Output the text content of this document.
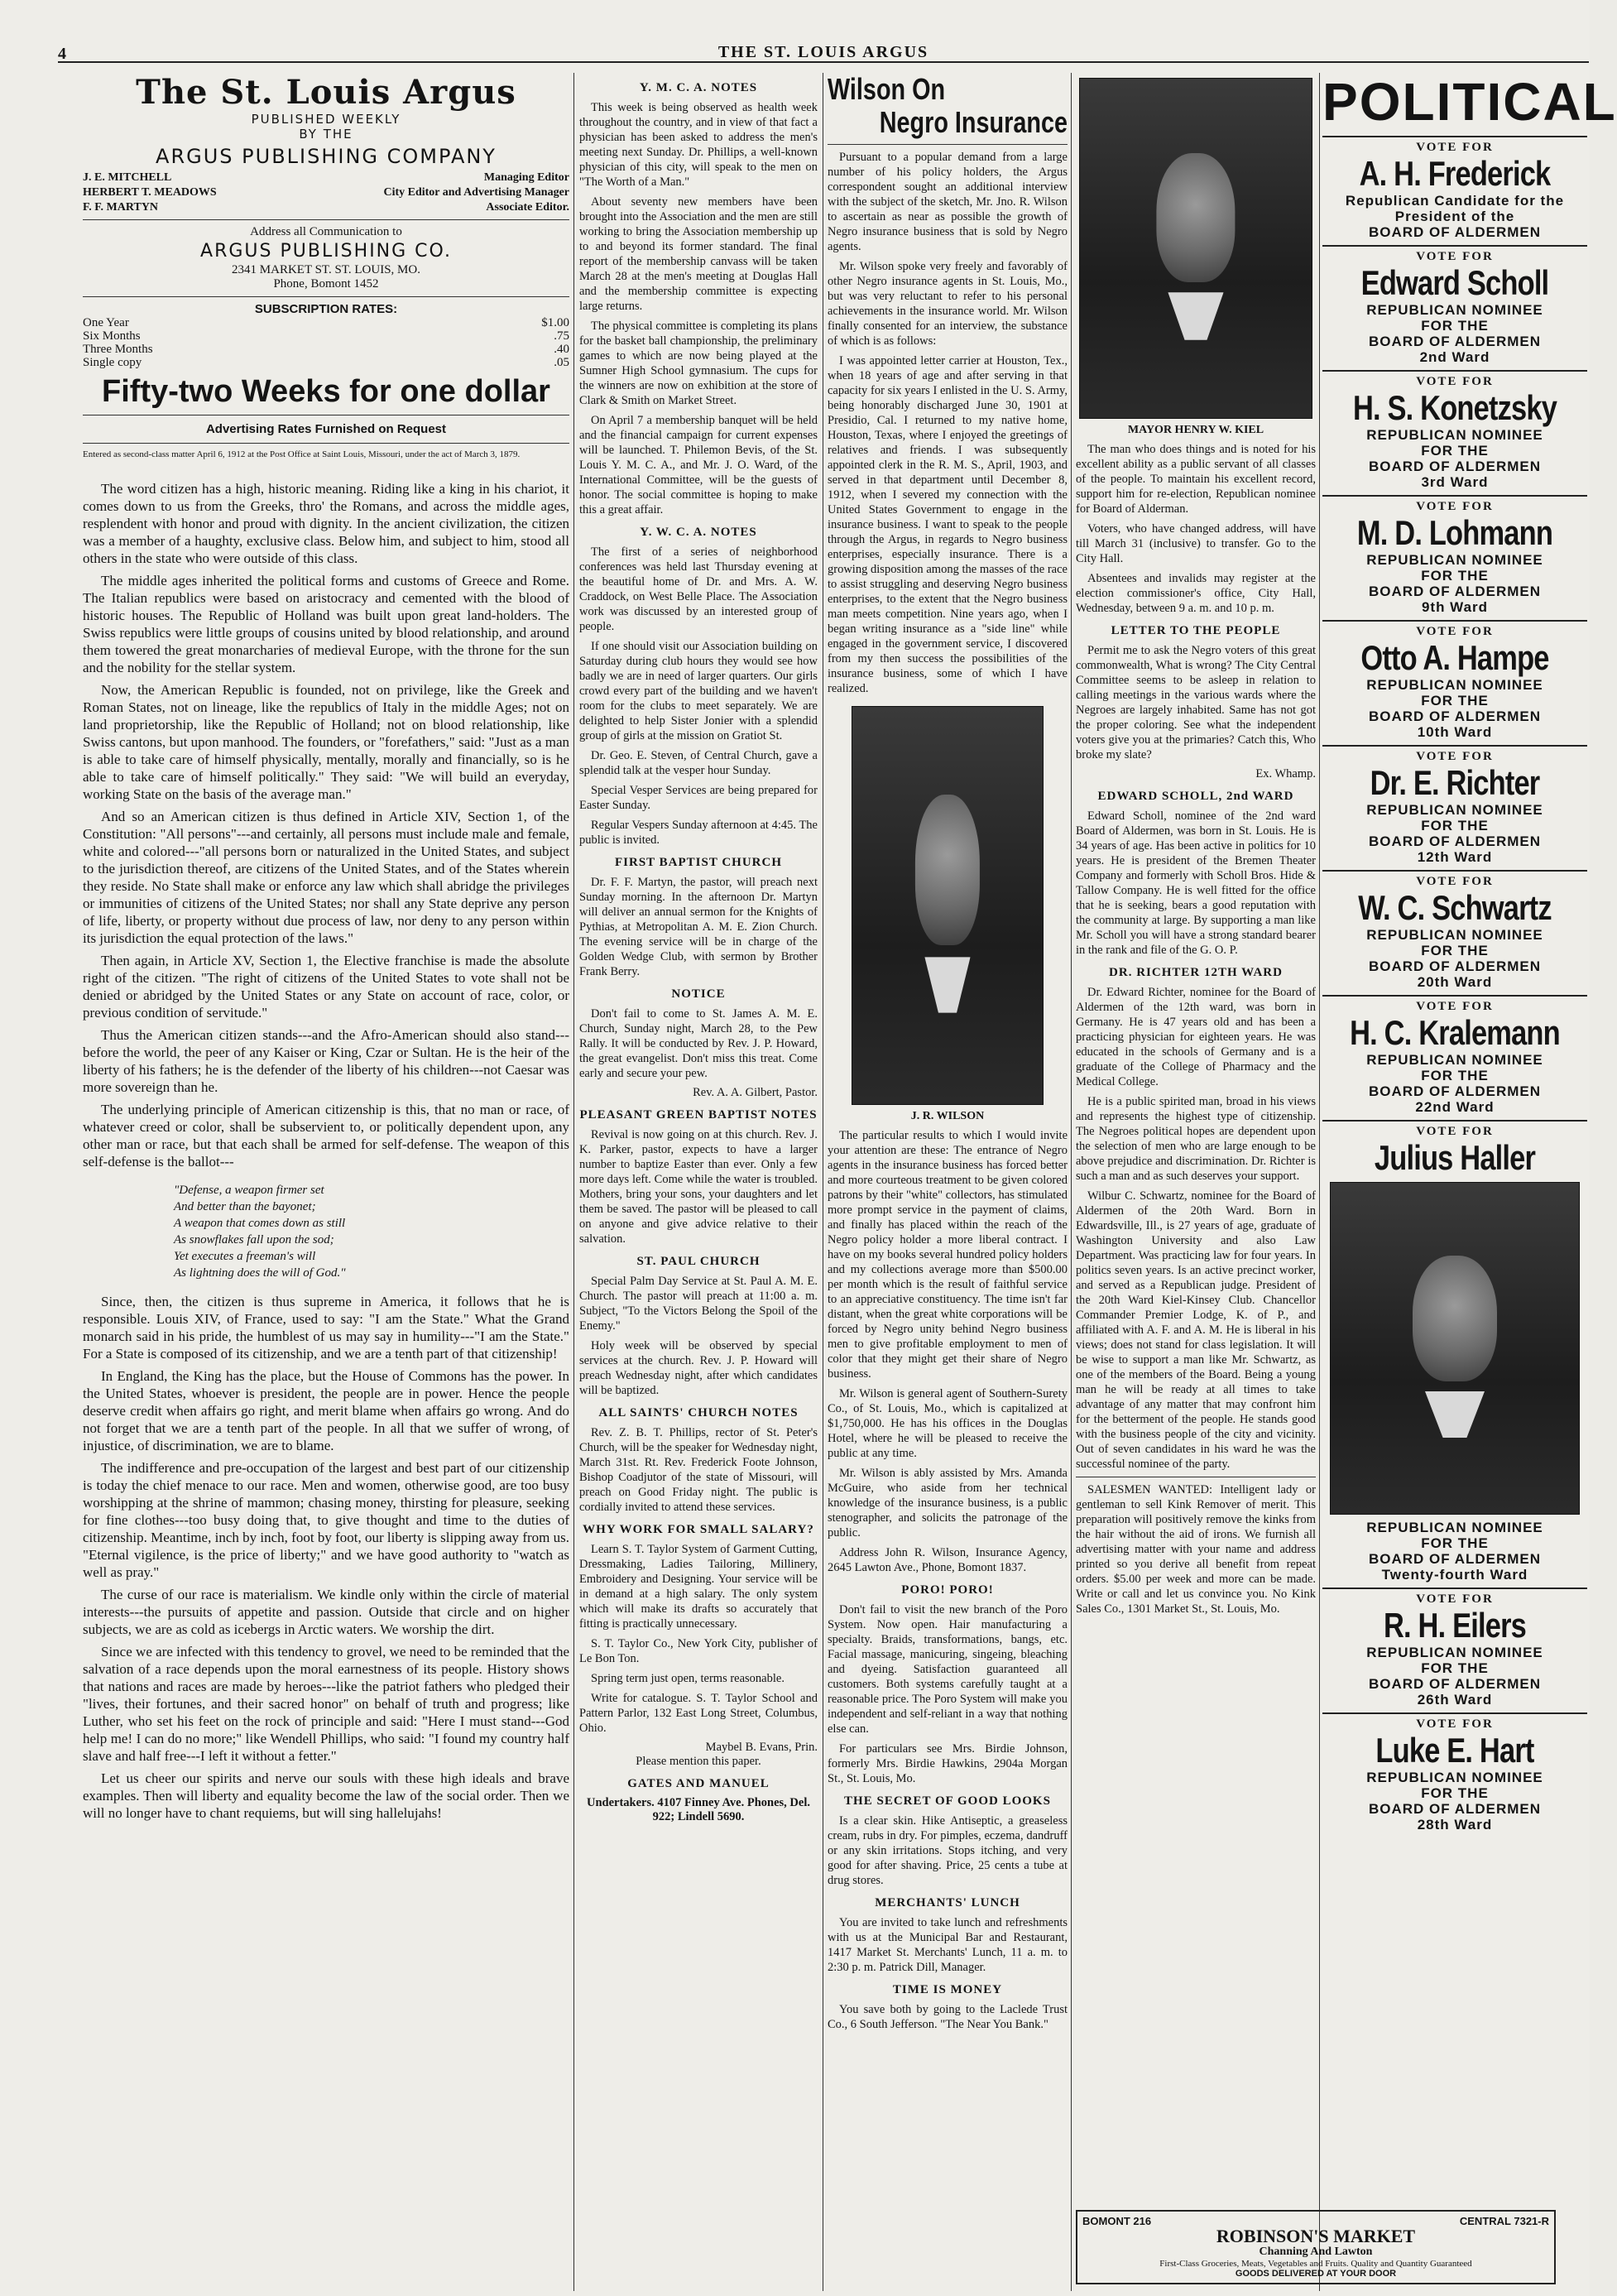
4	THE ST. LOUIS ARGUS
The St. Louis Argus
PUBLISHED WEEKLY
BY THE
ARGUS PUBLISHING COMPANY
J. E. MITCHELL	Managing Editor
HERBERT T. MEADOWS	City Editor and Advertising Manager
F. F. MARTYN	Associate Editor.
Address all Communication to
ARGUS PUBLISHING CO.
2341 MARKET ST. ST. LOUIS, MO.
Phone, Bomont 1452
SUBSCRIPTION RATES:
One Year	$1.00
Six Months	.75
Three Months	.40
Single copy	.05
Fifty-two Weeks for one dollar
Advertising Rates Furnished on Request
Entered as second-class matter April 6, 1912 at the Post Office at Saint Louis, Missouri, under the act of March 3, 1879.

The word citizen has a high, historic meaning. Riding like a king in his chariot, it comes down to us from the Greeks, thro' the Romans, and across the middle ages, resplendent with honor and proud with dignity. In the ancient civilization, the citizen was a member of a haughty, exclusive class. Below him, and subject to him, stood all others in the state who were outside of this class.

The middle ages inherited the political forms and customs of Greece and Rome. The Italian republics were based on aristocracy and cemented with the blood of historic houses. The Republic of Holland was built upon great land-holders. The Swiss republics were little groups of cousins united by blood relationship, and around them towered the great monarcharies of medieval Europe, with the throne for the sun and the nobility for the stellar system.

Now, the American Republic is founded, not on privilege, like the Greek and Roman States, not on lineage, like the republics of Italy in the middle Ages; not on land proprietorship, like the Republic of Holland; not on blood relationship, like Swiss cantons, but upon manhood. The founders, or "forefathers," said: "Just as a man is able to take care of himself physically, mentally, morally and financially, so is he able to take care of himself politically." They said: "We will build an everyday, working State on the basis of the average man."

And so an American citizen is thus defined in Article XIV, Section 1, of the Constitution: "All persons"---and certainly, all persons must include male and female, white and colored---"all persons born or naturalized in the United States, and subject to the jurisdiction thereof, are citizens of the United States, and of the States wherein they reside. No State shall make or enforce any law which shall abridge the privileges or immunities of citizens of the United States; nor shall any State deprive any person of life, liberty, or property without due process of law, nor deny to any person within its jurisdiction the equal protection of the laws."

Then again, in Article XV, Section 1, the Elective franchise is made the absolute right of the citizen. "The right of citizens of the United States to vote shall not be denied or abridged by the United States or any State on account of race, color, or previous condition of servitude."

Thus the American citizen stands---and the Afro-American should also stand---before the world, the peer of any Kaiser or King, Czar or Sultan. He is the heir of the liberty of his fathers; he is the defender of the liberty of his children---not Caesar was more sovereign than he.

The underlying principle of American citizenship is this, that no man or race, of whatever creed or color, shall be subservient to, or politically dependent upon, any other man or race, but that each shall be armed for self-defense. The weapon of this self-defense is the ballot---

"Defense, a weapon firmer set
And better than the bayonet;
A weapon that comes down as still
As snowflakes fall upon the sod;
Yet executes a freeman's will
As lightning does the will of God."

Since, then, the citizen is thus supreme in America, it follows that he is responsible. Louis XIV, of France, used to say: "I am the State." What the Grand monarch said in his pride, the humblest of us may say in humility---"I am the State." For a State is composed of its citizenship, and we are a tenth part of that citizenship!

In England, the King has the place, but the House of Commons has the power. In the United States, whoever is president, the people are in power. Hence the people deserve credit when affairs go right, and merit blame when affairs go wrong. And do not forget that we are a tenth part of the people. In all that we suffer of wrong, of injustice, of discrimination, we are to blame.

The indifference and pre-occupation of the largest and best part of our citizenship is today the chief menace to our race. Men and women, otherwise good, are too busy worshipping at the shrine of mammon; chasing money, thirsting for pleasure, seeking for fine clothes---too busy doing that, to give thought and time to the duties of citizenship. Meantime, inch by inch, foot by foot, our liberty is slipping away from us. "Eternal vigilence, is the price of liberty;" and we have good authority to "watch as well as pray."

The curse of our race is materialism. We kindle only within the circle of material interests---the pursuits of appetite and passion. Outside that circle and on higher subjects, we are as cold as icebergs in Arctic waters. We worship the dirt.

Since we are infected with this tendency to grovel, we need to be reminded that the salvation of a race depends upon the moral earnestness of its people. History shows that nations and races are made by heroes---like the patriot fathers who pledged their "lives, their fortunes, and their sacred honor" on behalf of truth and progress; like Luther, who set his feet on the rock of principle and said: "Here I must stand---God help me! I can do no more;" like Wendell Phillips, who said: "I found my country half slave and half free---I left it without a fetter."

Let us cheer our spirits and nerve our souls with these high ideals and brave examples. Then will liberty and equality become the law of the social order. Then we will no longer have to chant requiems, but will sing hallelujahs!

Y. M. C. A. NOTES

This week is being observed as health week throughout the country, and in view of that fact a physician has been asked to address the men's meeting next Sunday. Dr. Phillips, a well-known physician of this city, will speak to the men on "The Worth of a Man."

About seventy new members have been brought into the Association and the men are still working to bring the Association membership up to and beyond its former standard. The final report of the membership canvass will be taken March 28 at the men's meeting at Douglas Hall and the membership committee is expecting large returns.

The physical committee is completing its plans for the basket ball championship, the preliminary games to which are now being played at the Sumner High School gymnasium. The cups for the winners are now on exhibition at the store of Clark & Smith on Market Street.

On April 7 a membership banquet will be held and the financial campaign for current expenses will be launched. T. Philemon Bevis, of the St. Louis Y. M. C. A., and Mr. J. O. Ward, of the International Committee, will be the guests of honor. The social committee is hoping to make this a great affair.

Y. W. C. A. NOTES

The first of a series of neighborhood conferences was held last Thursday evening at the beautiful home of Dr. and Mrs. A. W. Craddock, on West Belle Place. The Association work was discussed by an interested group of people.

If one should visit our Association building on Saturday during club hours they would see how badly we are in need of larger quarters. Our girls crowd every part of the building and we haven't room for the clubs to meet separately. We are delighted to help Sister Jonier with a splendid group of girls at the mission on Gratiot St.

Dr. Geo. E. Steven, of Central Church, gave a splendid talk at the vesper hour Sunday.

Special Vesper Services are being prepared for Easter Sunday.

Regular Vespers Sunday afternoon at 4:45. The public is invited.

FIRST BAPTIST CHURCH

Dr. F. F. Martyn, the pastor, will preach next Sunday morning. In the afternoon Dr. Martyn will deliver an annual sermon for the Knights of Pythias, at Metropolitan A. M. E. Zion Church. The evening service will be in charge of the Golden Wedge Club, with sermon by Brother Frank Berry.

NOTICE

Don't fail to come to St. James A. M. E. Church, Sunday night, March 28, to the Pew Rally. It will be conducted by Rev. J. P. Howard, the great evangelist. Don't miss this treat. Come early and secure your pew.

Rev. A. A. Gilbert, Pastor.
PLEASANT GREEN BAPTIST NOTES

Revival is now going on at this church. Rev. J. K. Parker, pastor, expects to have a larger number to baptize Easter than ever. Only a few more days left. Come while the water is troubled. Mothers, bring your sons, your daughters and let them be saved. The pastor will be pleased to call on anyone and give advice relative to their salvation.

ST. PAUL CHURCH

Special Palm Day Service at St. Paul A. M. E. Church. The pastor will preach at 11:00 a. m. Subject, "To the Victors Belong the Spoil of the Enemy."

Holy week will be observed by special services at the church. Rev. J. P. Howard will preach Wednesday night, after which candidates will be baptized.

ALL SAINTS' CHURCH NOTES

Rev. Z. B. T. Phillips, rector of St. Peter's Church, will be the speaker for Wednesday night, March 31st. Rt. Rev. Frederick Foote Johnson, Bishop Coadjutor of the state of Missouri, will preach on Good Friday night. The public is cordially invited to attend these services.

WHY WORK FOR SMALL SALARY?

Learn S. T. Taylor System of Garment Cutting, Dressmaking, Ladies Tailoring, Millinery, Embroidery and Designing. Your service will be in demand at a high salary. The only system which will make its drafts so accurately that fitting is practically unnecessary.

S. T. Taylor Co., New York City, publisher of Le Bon Ton.

Spring term just open, terms reasonable.

Write for catalogue. S. T. Taylor School and Pattern Parlor, 132 East Long Street, Columbus, Ohio.

Maybel B. Evans, Prin.
Please mention this paper.
GATES AND MANUEL
Undertakers. 4107 Finney Ave. Phones, Del. 922; Lindell 5690.
Wilson On
Negro Insurance

Pursuant to a popular demand from a large number of his policy holders, the Argus correspondent sought an additional interview with the subject of the sketch, Mr. Jno. R. Wilson to ascertain as near as possible the growth of Negro insurance business that is sold by Negro agents.

Mr. Wilson spoke very freely and favorably of other Negro insurance agents in St. Louis, Mo., but was very reluctant to refer to his personal achievements in the insurance world. Mr. Wilson finally consented for an interview, the substance of which is as follows:

I was appointed letter carrier at Houston, Tex., when 18 years of age and after serving in that capacity for six years I enlisted in the U. S. Army, being honorably discharged June 30, 1901 at Presidio, Cal. I returned to my native home, Houston, Texas, where I enjoyed the greetings of relatives and friends. I was subsequently appointed clerk in the R. M. S., April, 1903, and served in that department until December 8, 1912, when I severed my connection with the United States Government to engage in the insurance business. I want to speak to the people through the Argus, in regards to Negro business enterprises, especially insurance. There is a growing disposition among the masses of the race to assist struggling and deserving Negro business enterprises, to the extent that the Negro business man meets competition. Nine years ago, when I began writing insurance as a "side line" while engaged in the government service, I discovered from my then success the possibilities of the insurance business, some of which I have realized.

J. R. WILSON

The particular results to which I would invite your attention are these: The entrance of Negro agents in the insurance business has forced better and more courteous treatment to be given colored patrons by their "white" collectors, has stimulated more prompt service in the payment of claims, and finally has placed within the reach of the Negro policy holder a more liberal contract. I have on my books several hundred policy holders and my collections average more than $500.00 per month which is the result of faithful service to an appreciative constituency. The time isn't far distant, when the great white corporations will be forced by Negro unity behind Negro business men to give profitable employment to men of color that they might get their share of Negro business.

Mr. Wilson is general agent of Southern-Surety Co., of St. Louis, Mo., which is capitalized at $1,750,000. He has his offices in the Douglas Hotel, where he will be pleased to receive the public at any time.

Mr. Wilson is ably assisted by Mrs. Amanda McGuire, who aside from her technical knowledge of the insurance business, is a public stenographer, and solicits the patronage of the public.

Address John R. Wilson, Insurance Agency, 2645 Lawton Ave., Phone, Bomont 1837.

PORO! PORO!

Don't fail to visit the new branch of the Poro System. Now open. Hair manufacturing a specialty. Braids, transformations, bangs, etc. Facial massage, manicuring, singeing, bleaching and dyeing. Satisfaction guaranteed all customers. Both systems carefully taught at a reasonable price. The Poro System will make you independent and self-reliant in a way that nothing else can.

For particulars see Mrs. Birdie Johnson, formerly Mrs. Birdie Hawkins, 2904a Morgan St., St. Louis, Mo.

THE SECRET OF GOOD LOOKS

Is a clear skin. Hike Antiseptic, a greaseless cream, rubs in dry. For pimples, eczema, dandruff or any skin irritations. Stops itching, and very good for after shaving. Price, 25 cents a tube at drug stores.

MERCHANTS' LUNCH

You are invited to take lunch and refreshments with us at the Municipal Bar and Restaurant, 1417 Market St. Merchants' Lunch, 11 a. m. to 2:30 p. m. Patrick Dill, Manager.

TIME IS MONEY

You save both by going to the Laclede Trust Co., 6 South Jefferson. "The Near You Bank."

MAYOR HENRY W. KIEL

The man who does things and is noted for his excellent ability as a public servant of all classes of the people. To maintain his excellent record, support him for re-election, Republican nominee for Board of Alderman.

Voters, who have changed address, will have till March 31 (inclusive) to transfer. Go to the City Hall.

Absentees and invalids may register at the election commissioner's office, City Hall, Wednesday, between 9 a. m. and 10 p. m.

LETTER TO THE PEOPLE

Permit me to ask the Negro voters of this great commonwealth, What is wrong? The City Central Committee seems to be asleep in relation to calling meetings in the various wards where the Negroes are largely inhabited. Same has not got the proper coloring. See what the independent voters give you at the primaries? Catch this, Who broke my slate?

Ex. Whamp.
EDWARD SCHOLL, 2nd WARD

Edward Scholl, nominee of the 2nd ward Board of Aldermen, was born in St. Louis. He is 34 years of age. Has been active in politics for 10 years. He is president of the Bremen Theater Company and formerly with Scholl Bros. Hide & Tallow Company. He is well fitted for the office that he is seeking, bears a good reputation with the community at large. By supporting a man like Mr. Scholl you will have a strong standard bearer in the rank and file of the G. O. P.

DR. RICHTER 12TH WARD

Dr. Edward Richter, nominee for the Board of Aldermen of the 12th ward, was born in Germany. He is 47 years old and has been a practicing physician for eighteen years. He was educated in the schools of Germany and is a graduate of the College of Pharmacy and the Medical College.

He is a public spirited man, broad in his views and represents the highest type of citizenship. The Negroes political hopes are dependent upon the selection of men who are large enough to be above prejudice and discrimination. Dr. Richter is such a man and as such deserves your support.

Wilbur C. Schwartz, nominee for the Board of Aldermen of the 20th Ward. Born in Edwardsville, Ill., is 27 years of age, graduate of Washington University and also Law Department. Was practicing law for four years. In politics seven years. Is an active precinct worker, and served as a Republican judge. President of the 20th Ward Kiel-Kinsey Club. Chancellor Commander Premier Lodge, K. of P., and affiliated with A. F. and A. M. He is liberal in his views; does not stand for class legislation. It will be wise to support a man like Mr. Schwartz, as one of the members of the Board. Being a young man he will be ready at all times to take advantage of any matter that may confront him for the betterment of the people. He stands good with the business people of the city and vicinity. Out of seven candidates in his ward he was the successful nominee of the party.

SALESMEN WANTED: Intelligent lady or gentleman to sell Kink Remover of merit. This preparation will positively remove the kinks from the hair without the aid of irons. We furnish all advertising matter with your name and address printed so you derive all benefit from repeat orders. $5.00 per week and more can be made. Write or call and let us convince you. No Kink Sales Co., 1301 Market St., St. Louis, Mo.

BOMONT 216	CENTRAL 7321-R
ROBINSON'S MARKET
Channing And Lawton
First-Class Groceries, Meats, Vegetables and Fruits. Quality and Quantity Guaranteed
GOODS DELIVERED AT YOUR DOOR
POLITICAL
VOTE FOR
A. H. Frederick
Republican Candidate for the
President of the
BOARD OF ALDERMEN
VOTE FOR
Edward Scholl
REPUBLICAN NOMINEE
FOR THE
BOARD OF ALDERMEN
2nd Ward
VOTE FOR
H. S. Konetzsky
REPUBLICAN NOMINEE
FOR THE
BOARD OF ALDERMEN
3rd Ward
VOTE FOR
M. D. Lohmann
REPUBLICAN NOMINEE
FOR THE
BOARD OF ALDERMEN
9th Ward
VOTE FOR
Otto A. Hampe
REPUBLICAN NOMINEE
FOR THE
BOARD OF ALDERMEN
10th Ward
VOTE FOR
Dr. E. Richter
REPUBLICAN NOMINEE
FOR THE
BOARD OF ALDERMEN
12th Ward
VOTE FOR
W. C. Schwartz
REPUBLICAN NOMINEE
FOR THE
BOARD OF ALDERMEN
20th Ward
VOTE FOR
H. C. Kralemann
REPUBLICAN NOMINEE
FOR THE
BOARD OF ALDERMEN
22nd Ward
VOTE FOR
Julius Haller
REPUBLICAN NOMINEE
FOR THE
BOARD OF ALDERMEN
Twenty-fourth Ward
VOTE FOR
R. H. Eilers
REPUBLICAN NOMINEE
FOR THE
BOARD OF ALDERMEN
26th Ward
VOTE FOR
Luke E. Hart
REPUBLICAN NOMINEE
FOR THE
BOARD OF ALDERMEN
28th Ward
